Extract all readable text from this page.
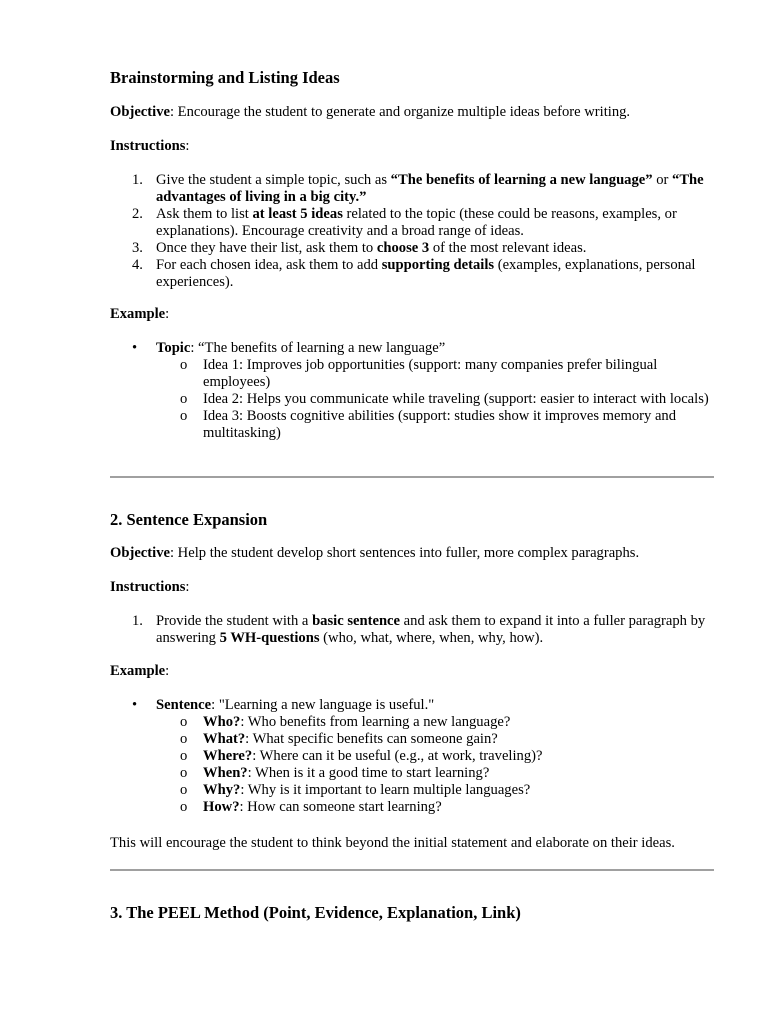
Brainstorming and Listing Ideas

Objective: Encourage the student to generate and organize multiple ideas before writing.

Instructions:

1. Give the student a simple topic, such as “The benefits of learning a new language” or “The advantages of living in a big city.”
2. Ask them to list at least 5 ideas related to the topic (these could be reasons, examples, or explanations). Encourage creativity and a broad range of ideas.
3. Once they have their list, ask them to choose 3 of the most relevant ideas.
4. For each chosen idea, ask them to add supporting details (examples, explanations, personal experiences).

Example:

• Topic: “The benefits of learning a new language”
o Idea 1: Improves job opportunities (support: many companies prefer bilingual employees)
o Idea 2: Helps you communicate while traveling (support: easier to interact with locals)
o Idea 3: Boosts cognitive abilities (support: studies show it improves memory and multitasking)
2. Sentence Expansion

Objective: Help the student develop short sentences into fuller, more complex paragraphs.

Instructions:

1. Provide the student with a basic sentence and ask them to expand it into a fuller paragraph by answering 5 WH-questions (who, what, where, when, why, how).

Example:

• Sentence: "Learning a new language is useful."
o Who?: Who benefits from learning a new language?
o What?: What specific benefits can someone gain?
o Where?: Where can it be useful (e.g., at work, traveling)?
o When?: When is it a good time to start learning?
o Why?: Why is it important to learn multiple languages?
o How?: How can someone start learning?

This will encourage the student to think beyond the initial statement and elaborate on their ideas.

3. The PEEL Method (Point, Evidence, Explanation, Link)
